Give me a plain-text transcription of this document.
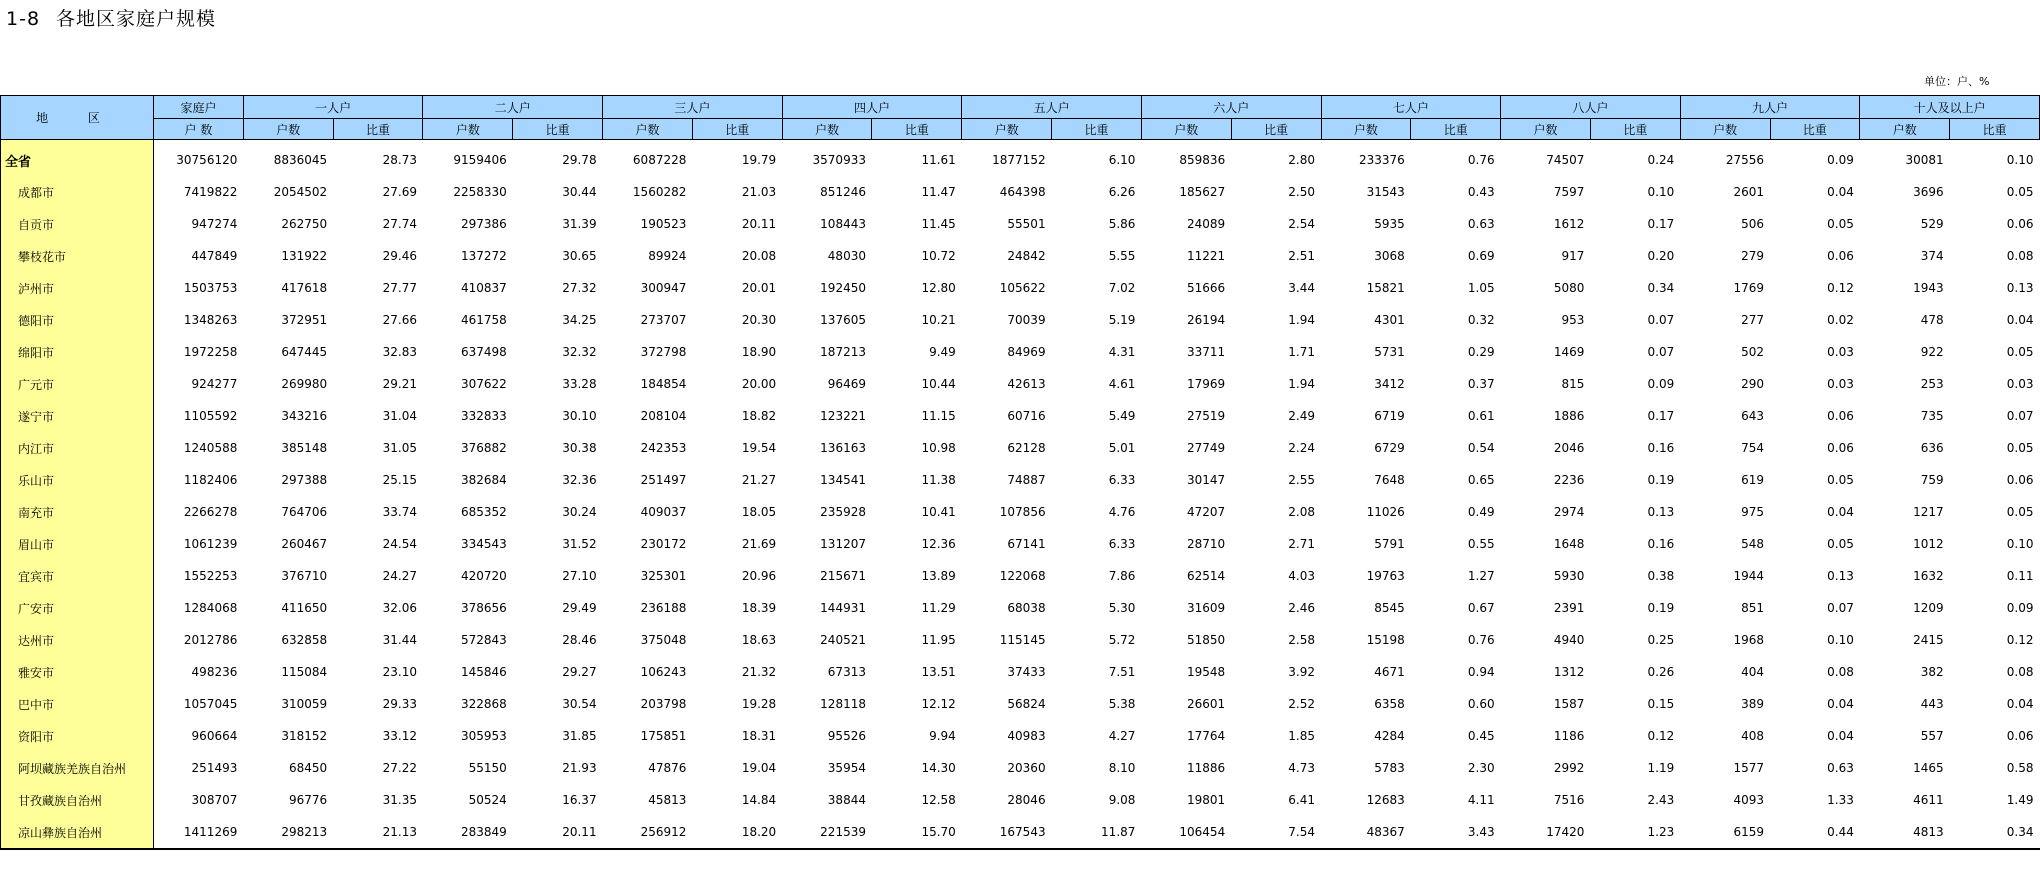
1-8 各地区家庭户规模
单位：户、%
地 区	家庭户	一人户		二人户		三人户		四人户		五人户		六人户		七人户		八人户		九人户		十人及以上户	
	户 数	户数	比重	户数	比重	户数	比重	户数	比重	户数	比重	户数	比重	户数	比重	户数	比重	户数	比重	户数	比重
全省	30756120	8836045	28.73	9159406	29.78	6087228	19.79	3570933	11.61	1877152	6.10	859836	2.80	233376	0.76	74507	0.24	27556	0.09	30081	0.10
成都市	7419822	2054502	27.69	2258330	30.44	1560282	21.03	851246	11.47	464398	6.26	185627	2.50	31543	0.43	7597	0.10	2601	0.04	3696	0.05
自贡市	947274	262750	27.74	297386	31.39	190523	20.11	108443	11.45	55501	5.86	24089	2.54	5935	0.63	1612	0.17	506	0.05	529	0.06
攀枝花市	447849	131922	29.46	137272	30.65	89924	20.08	48030	10.72	24842	5.55	11221	2.51	3068	0.69	917	0.20	279	0.06	374	0.08
泸州市	1503753	417618	27.77	410837	27.32	300947	20.01	192450	12.80	105622	7.02	51666	3.44	15821	1.05	5080	0.34	1769	0.12	1943	0.13
德阳市	1348263	372951	27.66	461758	34.25	273707	20.30	137605	10.21	70039	5.19	26194	1.94	4301	0.32	953	0.07	277	0.02	478	0.04
绵阳市	1972258	647445	32.83	637498	32.32	372798	18.90	187213	9.49	84969	4.31	33711	1.71	5731	0.29	1469	0.07	502	0.03	922	0.05
广元市	924277	269980	29.21	307622	33.28	184854	20.00	96469	10.44	42613	4.61	17969	1.94	3412	0.37	815	0.09	290	0.03	253	0.03
遂宁市	1105592	343216	31.04	332833	30.10	208104	18.82	123221	11.15	60716	5.49	27519	2.49	6719	0.61	1886	0.17	643	0.06	735	0.07
内江市	1240588	385148	31.05	376882	30.38	242353	19.54	136163	10.98	62128	5.01	27749	2.24	6729	0.54	2046	0.16	754	0.06	636	0.05
乐山市	1182406	297388	25.15	382684	32.36	251497	21.27	134541	11.38	74887	6.33	30147	2.55	7648	0.65	2236	0.19	619	0.05	759	0.06
南充市	2266278	764706	33.74	685352	30.24	409037	18.05	235928	10.41	107856	4.76	47207	2.08	11026	0.49	2974	0.13	975	0.04	1217	0.05
眉山市	1061239	260467	24.54	334543	31.52	230172	21.69	131207	12.36	67141	6.33	28710	2.71	5791	0.55	1648	0.16	548	0.05	1012	0.10
宜宾市	1552253	376710	24.27	420720	27.10	325301	20.96	215671	13.89	122068	7.86	62514	4.03	19763	1.27	5930	0.38	1944	0.13	1632	0.11
广安市	1284068	411650	32.06	378656	29.49	236188	18.39	144931	11.29	68038	5.30	31609	2.46	8545	0.67	2391	0.19	851	0.07	1209	0.09
达州市	2012786	632858	31.44	572843	28.46	375048	18.63	240521	11.95	115145	5.72	51850	2.58	15198	0.76	4940	0.25	1968	0.10	2415	0.12
雅安市	498236	115084	23.10	145846	29.27	106243	21.32	67313	13.51	37433	7.51	19548	3.92	4671	0.94	1312	0.26	404	0.08	382	0.08
巴中市	1057045	310059	29.33	322868	30.54	203798	19.28	128118	12.12	56824	5.38	26601	2.52	6358	0.60	1587	0.15	389	0.04	443	0.04
资阳市	960664	318152	33.12	305953	31.85	175851	18.31	95526	9.94	40983	4.27	17764	1.85	4284	0.45	1186	0.12	408	0.04	557	0.06
阿坝藏族羌族自治州	251493	68450	27.22	55150	21.93	47876	19.04	35954	14.30	20360	8.10	11886	4.73	5783	2.30	2992	1.19	1577	0.63	1465	0.58
甘孜藏族自治州	308707	96776	31.35	50524	16.37	45813	14.84	38844	12.58	28046	9.08	19801	6.41	12683	4.11	7516	2.43	4093	1.33	4611	1.49
凉山彝族自治州	1411269	298213	21.13	283849	20.11	256912	18.20	221539	15.70	167543	11.87	106454	7.54	48367	3.43	17420	1.23	6159	0.44	4813	0.34
